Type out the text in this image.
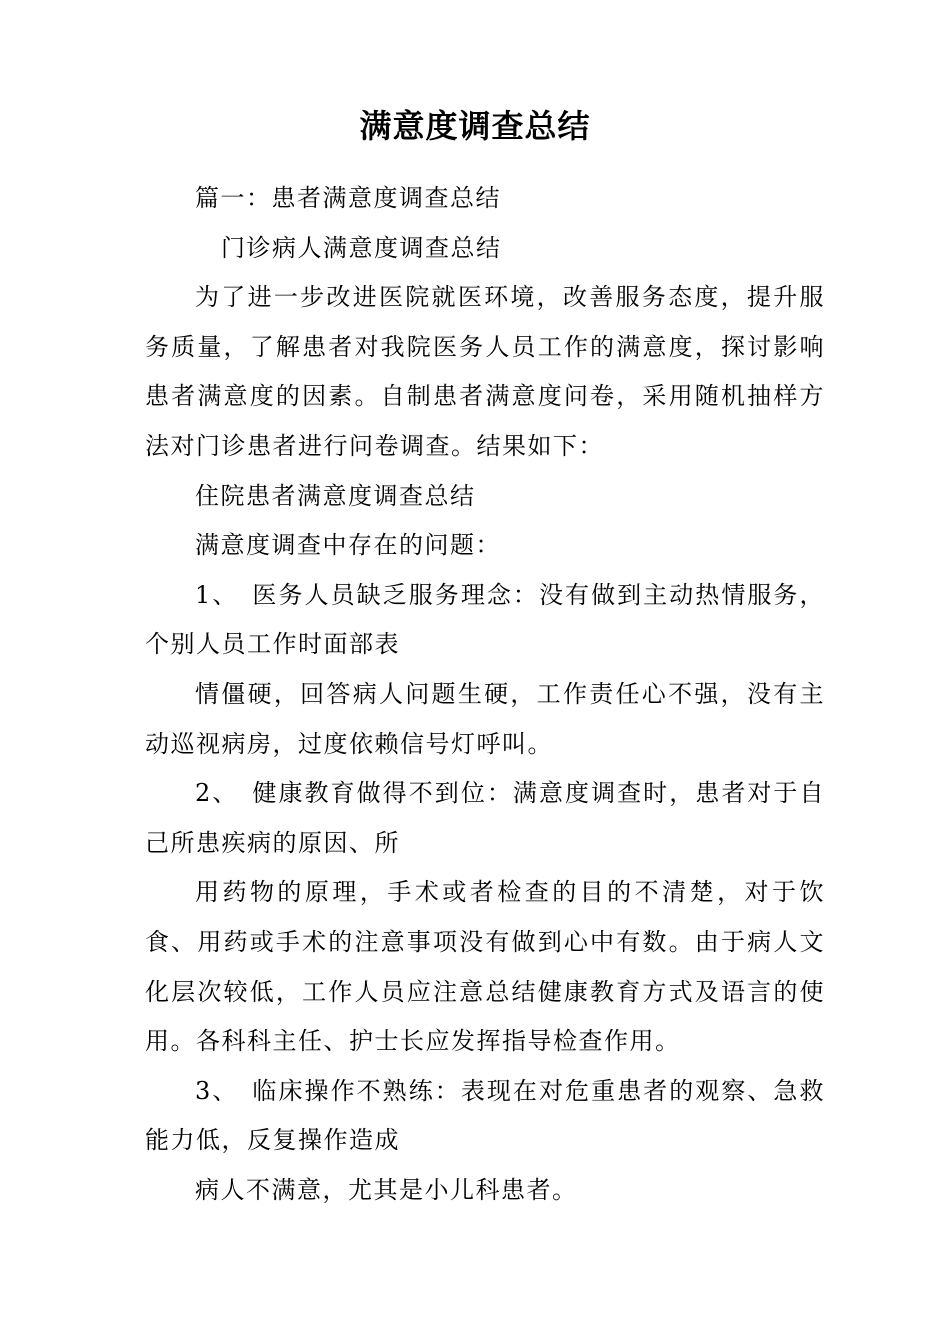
满意度调查总结

篇一：患者满意度调查总结

门诊病人满意度调查总结

为了进一步改进医院就医环境，改善服务态度，提升服务质量，了解患者对我院医务人员工作的满意度，探讨影响患者满意度的因素。自制患者满意度问卷，采用随机抽样方法对门诊患者进行问卷调查。结果如下：

住院患者满意度调查总结

满意度调查中存在的问题：

1、　医务人员缺乏服务理念：没有做到主动热情服务，个别人员工作时面部表

情僵硬，回答病人问题生硬，工作责任心不强，没有主动巡视病房，过度依赖信号灯呼叫。

2、　健康教育做得不到位：满意度调查时，患者对于自己所患疾病的原因、所

用药物的原理，手术或者检查的目的不清楚，对于饮食、用药或手术的注意事项没有做到心中有数。由于病人文化层次较低，工作人员应注意总结健康教育方式及语言的使用。各科科主任、护士长应发挥指导检查作用。

3、　临床操作不熟练：表现在对危重患者的观察、急救能力低，反复操作造成

病人不满意，尤其是小儿科患者。
